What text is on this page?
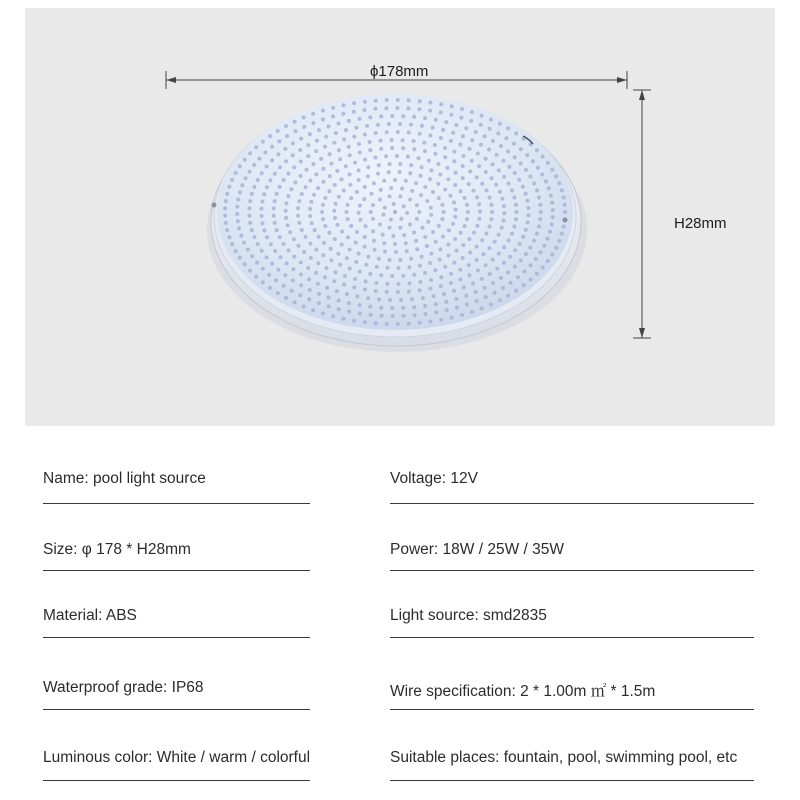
ϕ178mm
H28mm
Name: pool light source	Voltage: 12V
Size: φ 178 * H28mm	Power: 18W / 25W / 35W
Material: ABS	Light source: smd2835
Waterproof grade: IP68	Wire specification: 2 * 1.00m ㎡ * 1.5m
Luminous color: White / warm / colorful	Suitable places: fountain, pool, swimming pool, etc
